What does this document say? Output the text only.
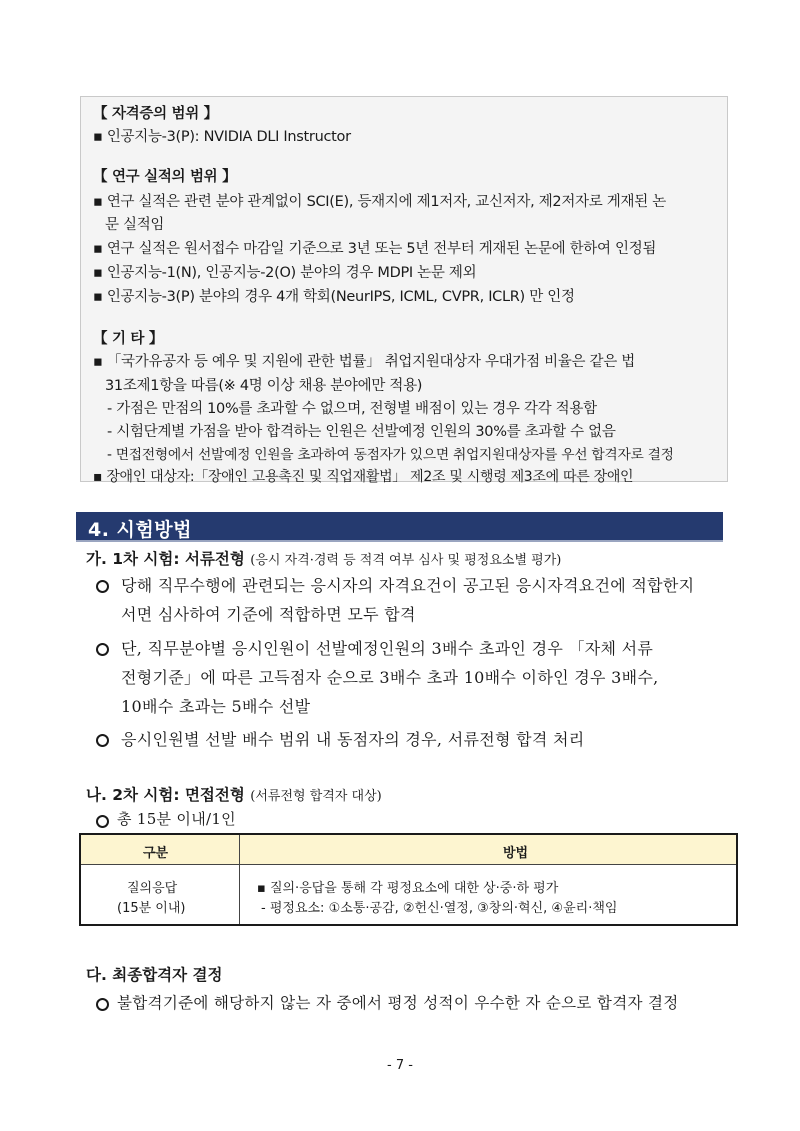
【 자격증의 범위 】
▪ 인공지능-3(P): NVIDIA DLI Instructor
【 연구 실적의 범위 】
▪ 연구 실적은 관련 분야 관계없이 SCI(E), 등재지에 제1저자, 교신저자, 제2저자로 게재된 논
문 실적임
▪ 연구 실적은 원서접수 마감일 기준으로 3년 또는 5년 전부터 게재된 논문에 한하여 인정됨
▪ 인공지능-1(N), 인공지능-2(O) 분야의 경우 MDPI 논문 제외
▪ 인공지능-3(P) 분야의 경우 4개 학회(NeurIPS, ICML, CVPR, ICLR) 만 인정
【 기 타 】
▪ 「국가유공자 등 예우 및 지원에 관한 법률」 취업지원대상자 우대가점 비율은 같은 법
31조제1항을 따름(※ 4명 이상 채용 분야에만 적용)
- 가점은 만점의 10%를 초과할 수 없으며, 전형별 배점이 있는 경우 각각 적용함
- 시험단계별 가점을 받아 합격하는 인원은 선발예정 인원의 30%를 초과할 수 없음
- 면접전형에서 선발예정 인원을 초과하여 동점자가 있으면 취업지원대상자를 우선 합격자로 결정
▪ 장애인 대상자:「장애인 고용촉진 및 직업재활법」 제2조 및 시행령 제3조에 따른 장애인
4. 시험방법
가. 1차 시험: 서류전형 (응시 자격·경력 등 적격 여부 심사 및 평정요소별 평가)
당해 직무수행에 관련되는 응시자의 자격요건이 공고된 응시자격요건에 적합한지
서면 심사하여 기준에 적합하면 모두 합격
단, 직무분야별 응시인원이 선발예정인원의 3배수 초과인 경우 「자체 서류
전형기준」에 따른 고득점자 순으로 3배수 초과 10배수 이하인 경우 3배수,
10배수 초과는 5배수 선발
응시인원별 선발 배수 범위 내 동점자의 경우, 서류전형 합격 처리
나. 2차 시험: 면접전형 (서류전형 합격자 대상)
총 15분 이내/1인
구분	방법
질의응답
(15분 이내)
▪ 질의·응답을 통해 각 평정요소에 대한 상·중·하 평가
- 평정요소: ①소통·공감, ②헌신·열정, ③창의·혁신, ④윤리·책임
다. 최종합격자 결정
불합격기준에 해당하지 않는 자 중에서 평정 성적이 우수한 자 순으로 합격자 결정
- 7 -
